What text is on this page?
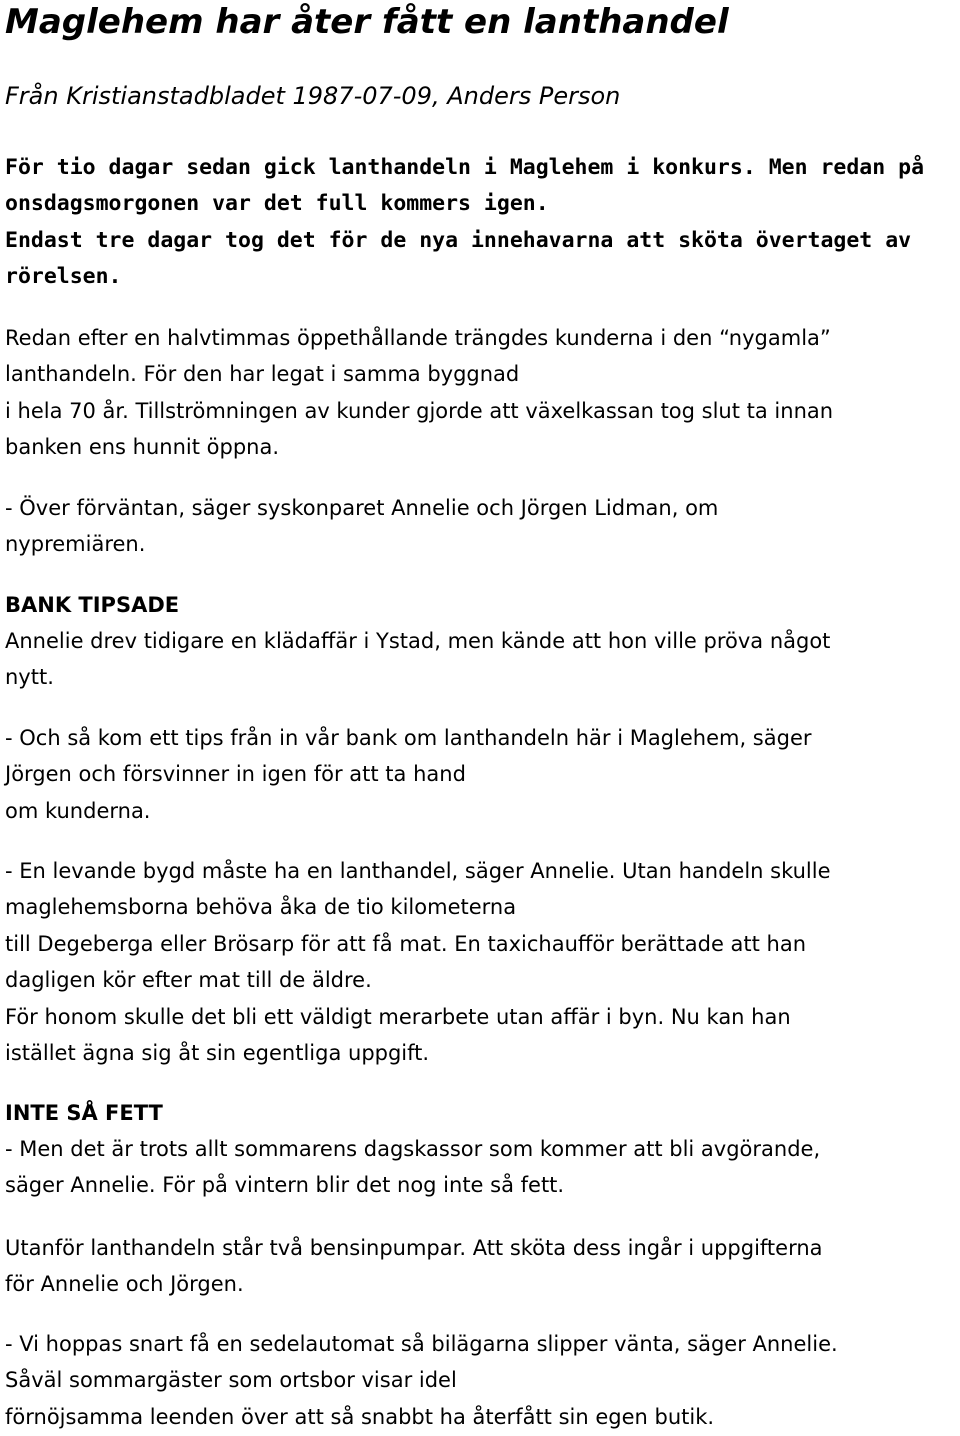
Maglehem har åter fått en lanthandel

Från Kristianstadbladet 1987-07-09, Anders Person

För tio dagar sedan gick lanthandeln i Maglehem i konkurs. Men redan på
onsdagsmorgonen var det full kommers igen.
Endast tre dagar tog det för de nya innehavarna att sköta övertaget av
rörelsen.

Redan efter en halvtimmas öppethållande trängdes kunderna i den “nygamla”
lanthandeln. För den har legat i samma byggnad
i hela 70 år. Tillströmningen av kunder gjorde att växelkassan tog slut ta innan
banken ens hunnit öppna.

- Över förväntan, säger syskonparet Annelie och Jörgen Lidman, om
nypremiären.

BANK TIPSADE

Annelie drev tidigare en klädaffär i Ystad, men kände att hon ville pröva något
nytt.

- Och så kom ett tips från in vår bank om lanthandeln här i Maglehem, säger
Jörgen och försvinner in igen för att ta hand
om kunderna.

- En levande bygd måste ha en lanthandel, säger Annelie. Utan handeln skulle
maglehemsborna behöva åka de tio kilometerna
till Degeberga eller Brösarp för att få mat. En taxichaufför berättade att han
dagligen kör efter mat till de äldre.
För honom skulle det bli ett väldigt merarbete utan affär i byn. Nu kan han
istället ägna sig åt sin egentliga uppgift.

INTE SÅ FETT

- Men det är trots allt sommarens dagskassor som kommer att bli avgörande,
säger Annelie. För på vintern blir det nog inte så fett.

Utanför lanthandeln står två bensinpumpar. Att sköta dess ingår i uppgifterna
för Annelie och Jörgen.

- Vi hoppas snart få en sedelautomat så bilägarna slipper vänta, säger Annelie.
Såväl sommargäster som ortsbor visar idel
förnöjsamma leenden över att så snabbt ha återfått sin egen butik.
